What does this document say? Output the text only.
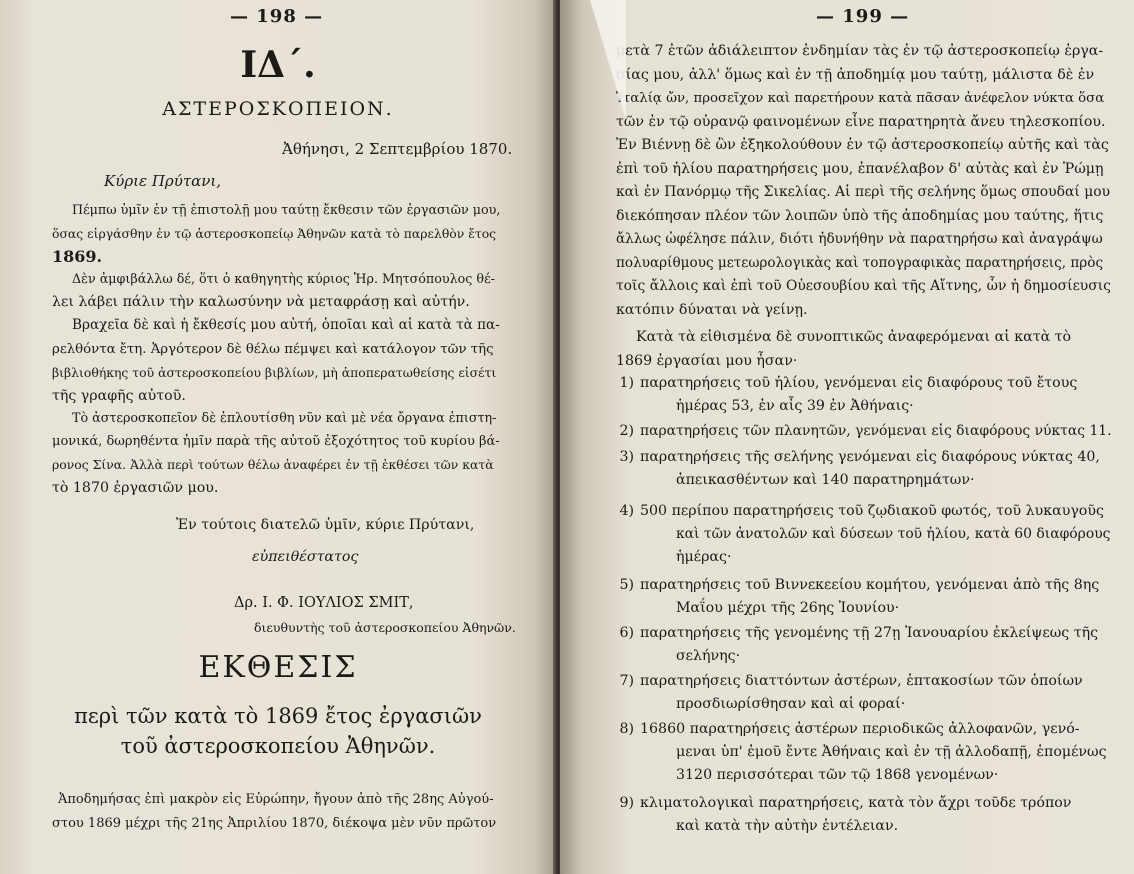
— 198 —
ΙΔ΄.
ΑΣΤΕΡΟΣΚΟΠΕΙΟΝ.
Ἀθήνησι, 2 Σεπτεμβρίου 1870.
Κύριε Πρύτανι,
Πέμπω ὑμῖν ἐν τῇ ἐπιστολῇ μου ταύτῃ ἔκθεσιν τῶν ἐργασιῶν μου,
ὅσας εἰργάσθην ἐν τῷ ἀστεροσκοπείῳ Ἀθηνῶν κατὰ τὸ παρελθὸν ἔτος
1869.
Δὲν ἀμφιβάλλω δέ, ὅτι ὁ καθηγητὴς κύριος Ἡρ. Μητσόπουλος θέ-
λει λάβει πάλιν τὴν καλωσύνην νὰ μεταφράσῃ καὶ αὐτήν.
Βραχεῖα δὲ καὶ ἡ ἔκθεσίς μου αὐτή, ὁποῖαι καὶ αἱ κατὰ τὰ πα-
ρελθόντα ἔτη. Ἀργότερον δὲ θέλω πέμψει καὶ κατάλογον τῶν τῆς
βιβλιοθήκης τοῦ ἀστεροσκοπείου βιβλίων, μὴ ἀποπερατωθείσης εἰσέτι
τῆς γραφῆς αὐτοῦ.
Τὸ ἀστεροσκοπεῖον δὲ ἐπλουτίσθη νῦν καὶ μὲ νέα ὄργανα ἐπιστη-
μονικά, δωρηθέντα ἡμῖν παρὰ τῆς αὐτοῦ ἐξοχότητος τοῦ κυρίου βά-
ρονος Σίνα. Ἀλλὰ περὶ τούτων θέλω ἀναφέρει ἐν τῇ ἐκθέσει τῶν κατὰ
τὸ 1870 ἐργασιῶν μου.
Ἐν τούτοις διατελῶ ὑμῖν, κύριε Πρύτανι,
εὐπειθέστατος
Δρ. Ι. Φ. ΙΟΥΛΙΟΣ ΣΜΙΤ,
διευθυντὴς τοῦ ἀστεροσκοπείου Ἀθηνῶν.
ΕΚΘΕΣΙΣ
περὶ τῶν κατὰ τὸ 1869 ἔτος ἐργασιῶν
τοῦ ἀστεροσκοπείου Ἀθηνῶν.
Ἀποδημήσας ἐπὶ μακρὸν εἰς Εὐρώπην, ἤγουν ἀπὸ τῆς 28ης Αὐγού-
στου 1869 μέχρι τῆς 21ης Ἀπριλίου 1870, διέκοψα μὲν νῦν πρῶτον
— 199 —
μετὰ 7 ἐτῶν ἀδιάλειπτον ἐνδημίαν τὰς ἐν τῷ ἀστεροσκοπείῳ ἐργα-
σίας μου, ἀλλ' ὅμως καὶ ἐν τῇ ἀποδημίᾳ μου ταύτῃ, μάλιστα δὲ ἐν
Ἰταλίᾳ ὤν, προσεῖχον καὶ παρετήρουν κατὰ πᾶσαν ἀνέφελον νύκτα ὅσα
τῶν ἐν τῷ οὐρανῷ φαινομένων εἶνε παρατηρητὰ ἄνευ τηλεσκοπίου.
Ἐν Βιέννῃ δὲ ὢν ἐξηκολούθουν ἐν τῷ ἀστεροσκοπείῳ αὐτῆς καὶ τὰς
ἐπὶ τοῦ ἡλίου παρατηρήσεις μου, ἐπανέλαβον δ' αὐτὰς καὶ ἐν Ῥώμῃ
καὶ ἐν Πανόρμῳ τῆς Σικελίας. Αἱ περὶ τῆς σελήνης ὅμως σπουδαί μου
διεκόπησαν πλέον τῶν λοιπῶν ὑπὸ τῆς ἀποδημίας μου ταύτης, ἥτις
ἄλλως ὠφέλησε πάλιν, διότι ἠδυνήθην νὰ παρατηρήσω καὶ ἀναγράψω
πολυαρίθμους μετεωρολογικὰς καὶ τοπογραφικὰς παρατηρήσεις, πρὸς
τοῖς ἄλλοις καὶ ἐπὶ τοῦ Οὐεσουβίου καὶ τῆς Αἴτνης, ὧν ἡ δημοσίευσις
κατόπιν δύναται νὰ γείνῃ.
Κατὰ τὰ εἰθισμένα δὲ συνοπτικῶς ἀναφερόμεναι αἱ κατὰ τὸ
1869 ἐργασίαι μου ἦσαν·
1) παρατηρήσεις τοῦ ἡλίου, γενόμεναι εἰς διαφόρους τοῦ ἔτους
ἡμέρας 53, ἐν αἷς 39 ἐν Ἀθήναις·
2) παρατηρήσεις τῶν πλανητῶν, γενόμεναι εἰς διαφόρους νύκτας 11.
3) παρατηρήσεις τῆς σελήνης γενόμεναι εἰς διαφόρους νύκτας 40,
ἀπεικασθέντων καὶ 140 παρατηρημάτων·
4) 500 περίπου παρατηρήσεις τοῦ ζῳδιακοῦ φωτός, τοῦ λυκαυγοῦς
καὶ τῶν ἀνατολῶν καὶ δύσεων τοῦ ἡλίου, κατὰ 60 διαφόρους
ἡμέρας·
5) παρατηρήσεις τοῦ Βιννεκεείου κομήτου, γενόμεναι ἀπὸ τῆς 8ης
Μαΐου μέχρι τῆς 26ης Ἰουνίου·
6) παρατηρήσεις τῆς γενομένης τῇ 27ῃ Ἰανουαρίου ἐκλείψεως τῆς
σελήνης·
7) παρατηρήσεις διαττόντων ἀστέρων, ἑπτακοσίων τῶν ὁποίων
προσδιωρίσθησαν καὶ αἱ φοραί·
8) 16860 παρατηρήσεις ἀστέρων περιοδικῶς ἀλλοφανῶν, γενό-
μεναι ὑπ' ἐμοῦ ἔντε Ἀθήναις καὶ ἐν τῇ ἀλλοδαπῇ, ἑπομένως
3120 περισσότεραι τῶν τῷ 1868 γενομένων·
9) κλιματολογικαὶ παρατηρήσεις, κατὰ τὸν ἄχρι τοῦδε τρόπον
καὶ κατὰ τὴν αὐτὴν ἐντέλειαν.
